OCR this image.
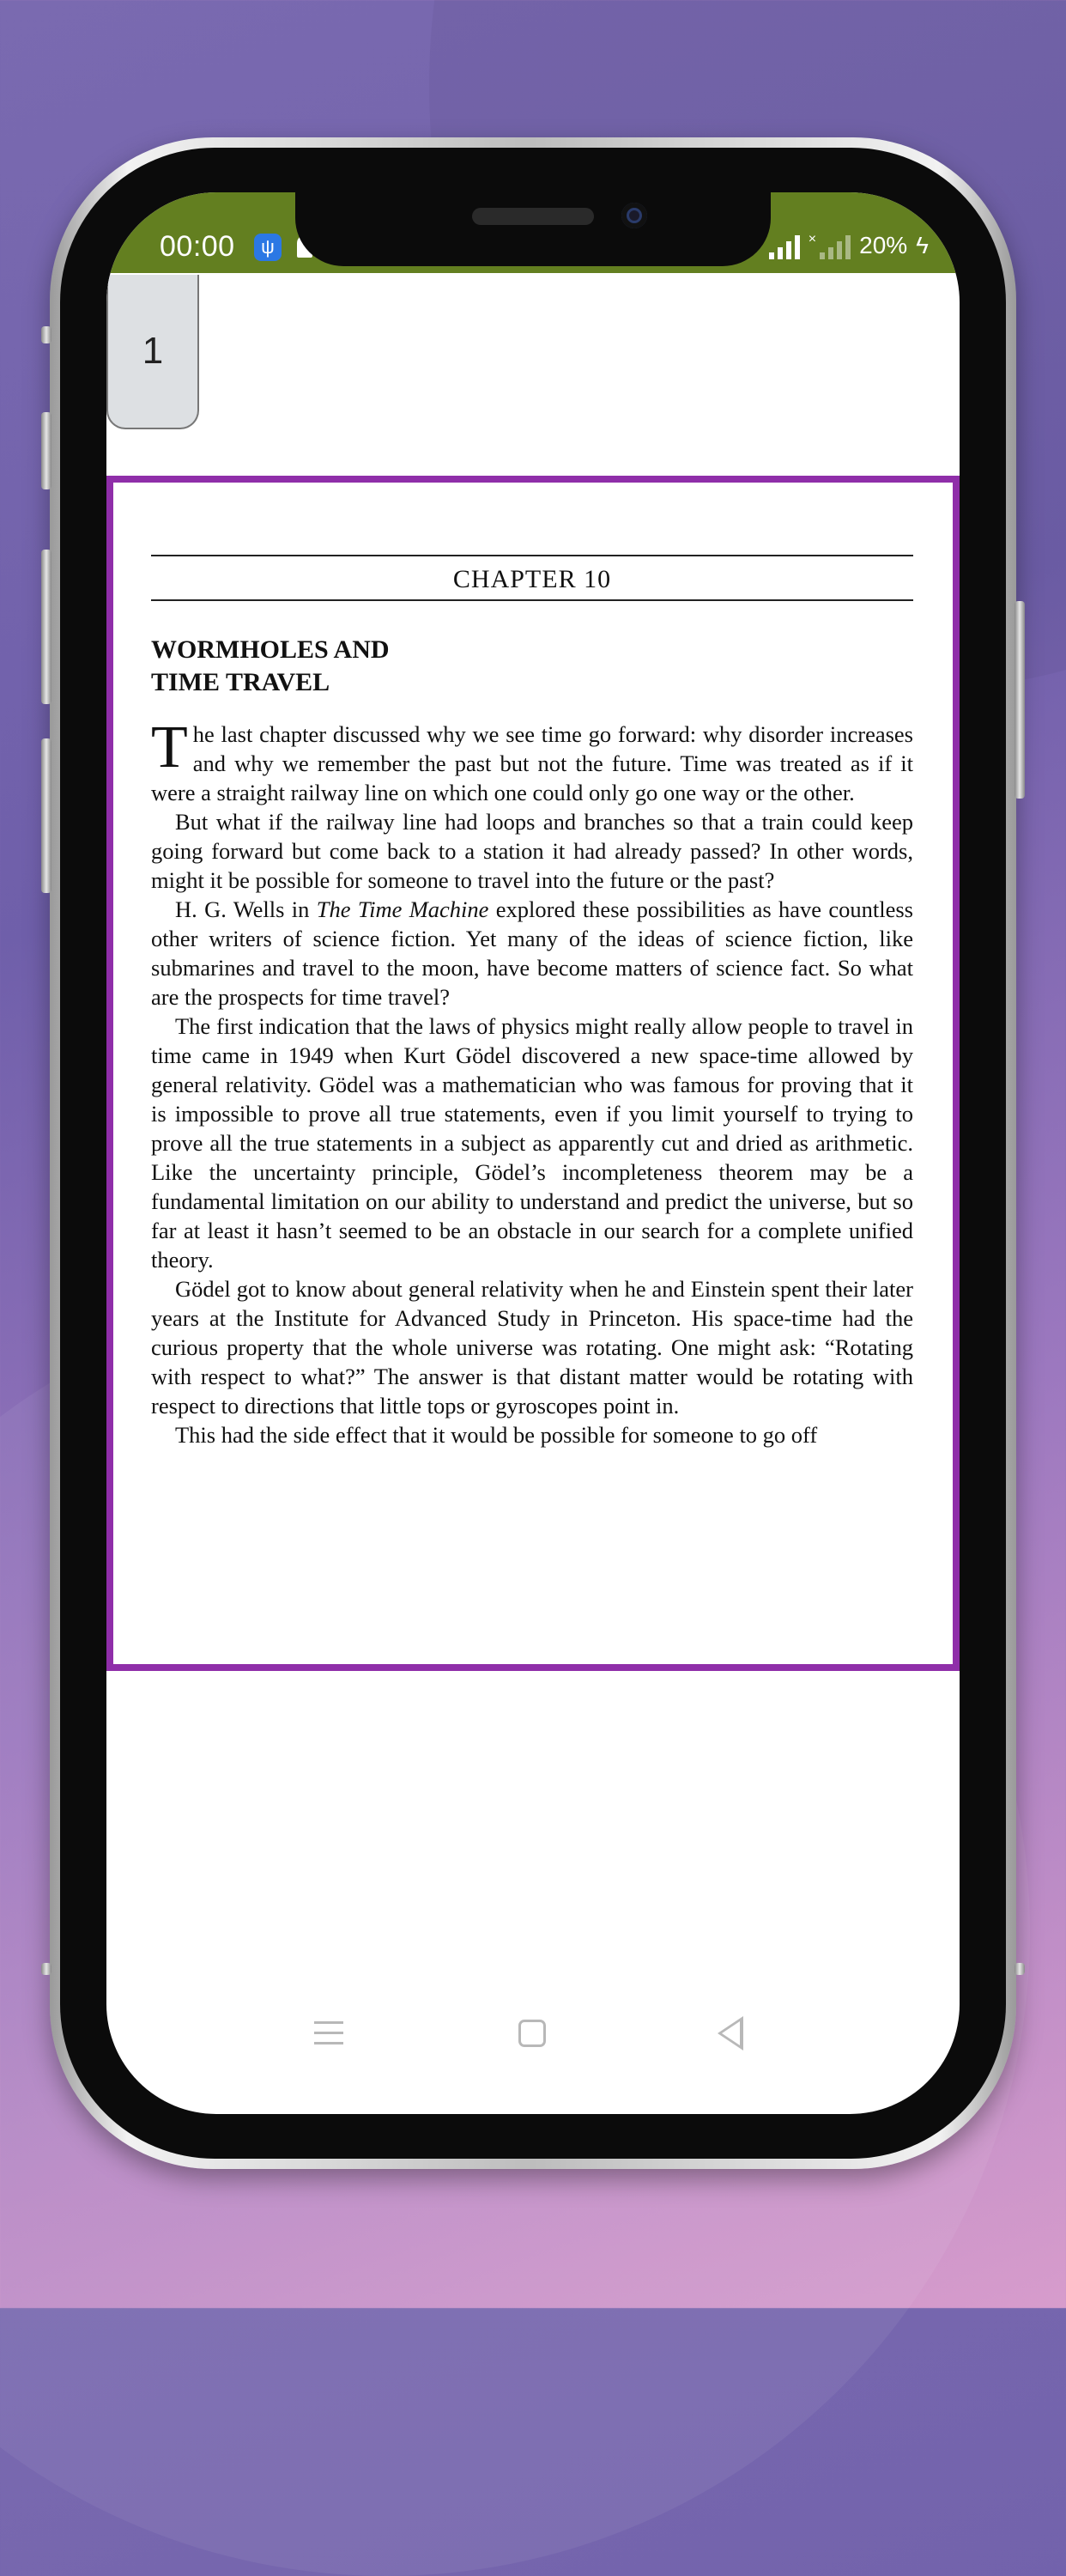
00:00	ψ	× 20% ϟ
1
CHAPTER 10
WORMHOLES AND
TIME TRAVEL

The last chapter discussed why we see time go forward: why disorder increases and why we remember the past but not the future. Time was treated as if it were a straight railway line on which one could only go one way or the other.

But what if the railway line had loops and branches so that a train could keep going forward but come back to a station it had already passed? In other words, might it be possible for someone to travel into the future or the past?

H. G. Wells in The Time Machine explored these possibilities as have countless other writers of science fiction. Yet many of the ideas of science fiction, like submarines and travel to the moon, have become matters of science fact. So what are the prospects for time travel?

The first indication that the laws of physics might really allow people to travel in time came in 1949 when Kurt Gödel discovered a new space-time allowed by general relativity. Gödel was a mathematician who was famous for proving that it is impossible to prove all true statements, even if you limit yourself to trying to prove all the true statements in a subject as apparently cut and dried as arithmetic. Like the uncertainty principle, Gödel’s incompleteness theorem may be a fundamental limitation on our ability to understand and predict the universe, but so far at least it hasn’t seemed to be an obstacle in our search for a complete unified theory.

Gödel got to know about general relativity when he and Einstein spent their later years at the Institute for Advanced Study in Princeton. His space-time had the curious property that the whole universe was rotating. One might ask: “Rotating with respect to what?” The answer is that distant matter would be rotating with respect to directions that little tops or gyroscopes point in.

This had the side effect that it would be possible for someone to go off
